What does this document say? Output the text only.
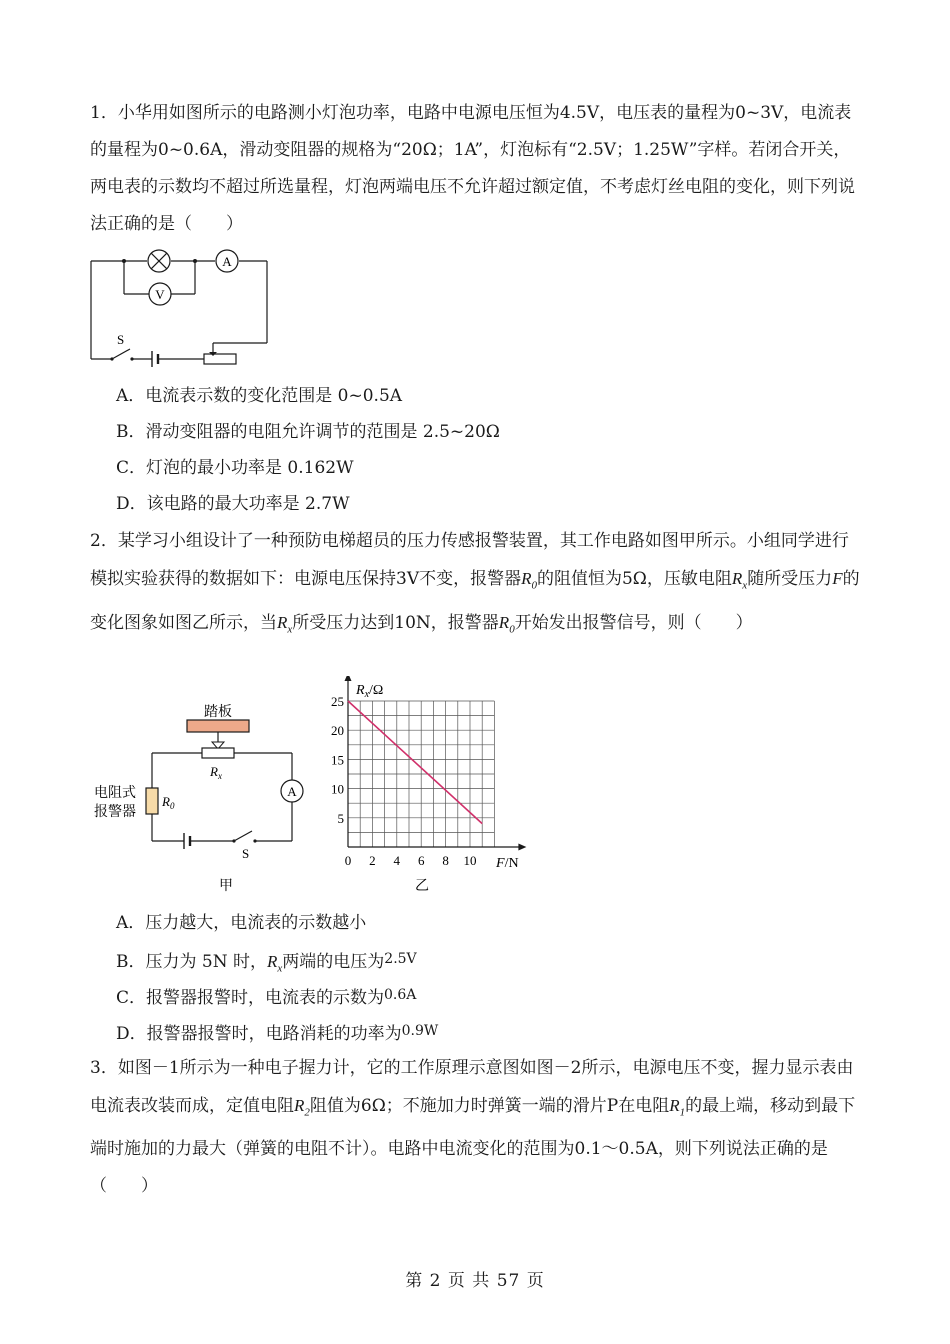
1．小华用如图所示的电路测小灯泡功率，电路中电源电压恒为4.5V，电压表的量程为0~3V，电流表的量程为0~0.6A，滑动变阻器的规格为“20Ω；1A”，灯泡标有“2.5V；1.25W”字样。若闭合开关，两电表的示数均不超过所选量程，灯泡两端电压不允许超过额定值，不考虑灯丝电阻的变化，则下列说法正确的是（　　）
A
V
S
A．电流表示数的变化范围是 0~0.5A
B．滑动变阻器的电阻允许调节的范围是 2.5~20Ω
C．灯泡的最小功率是 0.162W
D．该电路的最大功率是 2.7W
2．某学习小组设计了一种预防电梯超员的压力传感报警装置，其工作电路如图甲所示。小组同学进行模拟实验获得的数据如下：电源电压保持3V不变，报警器$R_0$的阻值恒为5Ω，压敏电阻$R_x$随所受压力F的变化图象如图乙所示，当$R_x$所受压力达到10N，报警器$R_0$开始发出报警信号，则（　　）
踏板
A
$R_x$
$R_0$
电阻式
报警器
S
甲
0 2 4 6 8 10
5
10
15
20
25
$R_x/\Omega$
F/N
乙
A．压力越大，电流表的示数越小
B．压力为 5N 时，$R_x$两端的电压为$^{2.5V}$
C．报警器报警时，电流表的示数为$^{0.6A}$
D．报警器报警时，电路消耗的功率为$^{0.9W}$
3．如图－1所示为一种电子握力计，它的工作原理示意图如图－2所示，电源电压不变，握力显示表由电流表改装而成，定值电阻$R_2$阻值为6Ω；不施加力时弹簧一端的滑片P在电阻$R_1$的最上端，移动到最下端时施加的力最大（弹簧的电阻不计）。电路中电流变化的范围为0.1～0.5A，则下列说法正确的是（　　）
第 2 页 共 57 页
